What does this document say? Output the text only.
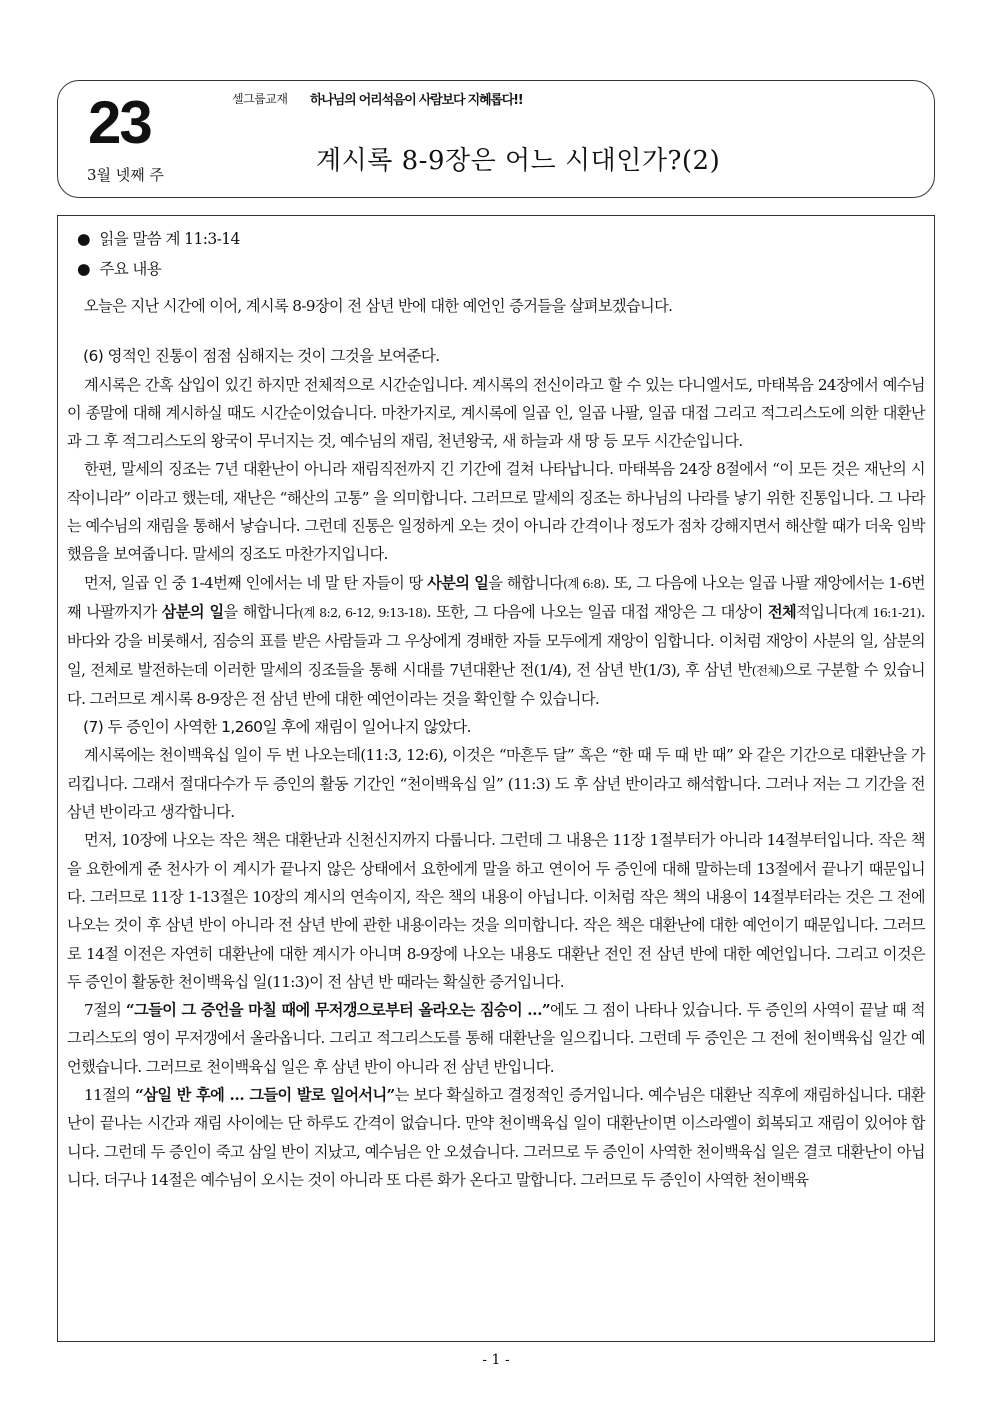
23
3월 넷째 주
셀그룹교재 하나님의 어리석음이 사람보다 지혜롭다!!
계시록 8-9장은 어느 시대인가?(2)
● 읽을 말씀 계 11:3-14
● 주요 내용
오늘은 지난 시간에 이어, 계시록 8-9장이 전 삼년 반에 대한 예언인 증거들을 살펴보겠습니다.
(6) 영적인 진통이 점점 심해지는 것이 그것을 보여준다.

계시록은 간혹 삽입이 있긴 하지만 전체적으로 시간순입니다. 계시록의 전신이라고 할 수 있는 다니엘서도, 마태복음 24장에서 예수님이 종말에 대해 계시하실 때도 시간순이었습니다. 마찬가지로, 계시록에 일곱 인, 일곱 나팔, 일곱 대접 그리고 적그리스도에 의한 대환난과 그 후 적그리스도의 왕국이 무너지는 것, 예수님의 재림, 천년왕국, 새 하늘과 새 땅 등 모두 시간순입니다.

한편, 말세의 징조는 7년 대환난이 아니라 재림직전까지 긴 기간에 걸쳐 나타납니다. 마태복음 24장 8절에서 “이 모든 것은 재난의 시작이니라” 이라고 했는데, 재난은 “해산의 고통” 을 의미합니다. 그러므로 말세의 징조는 하나님의 나라를 낳기 위한 진통입니다. 그 나라는 예수님의 재림을 통해서 낳습니다. 그런데 진통은 일정하게 오는 것이 아니라 간격이나 정도가 점차 강해지면서 해산할 때가 더욱 임박했음을 보여줍니다. 말세의 징조도 마찬가지입니다.

먼저, 일곱 인 중 1-4번째 인에서는 네 말 탄 자들이 땅 사분의 일을 해합니다(계 6:8). 또, 그 다음에 나오는 일곱 나팔 재앙에서는 1-6번째 나팔까지가 삼분의 일을 해합니다(계 8:2, 6-12, 9:13-18). 또한, 그 다음에 나오는 일곱 대접 재앙은 그 대상이 전체적입니다(계 16:1-21). 바다와 강을 비롯해서, 짐승의 표를 받은 사람들과 그 우상에게 경배한 자들 모두에게 재앙이 임합니다. 이처럼 재앙이 사분의 일, 삼분의 일, 전체로 발전하는데 이러한 말세의 징조들을 통해 시대를 7년대환난 전(1/4), 전 삼년 반(1/3), 후 삼년 반(전체)으로 구분할 수 있습니다. 그러므로 계시록 8-9장은 전 삼년 반에 대한 예언이라는 것을 확인할 수 있습니다.

(7) 두 증인이 사역한 1,260일 후에 재림이 일어나지 않았다.

계시록에는 천이백육십 일이 두 번 나오는데(11:3, 12:6), 이것은 “마흔두 달” 혹은 “한 때 두 때 반 때” 와 같은 기간으로 대환난을 가리킵니다. 그래서 절대다수가 두 증인의 활동 기간인 “천이백육십 일” (11:3) 도 후 삼년 반이라고 해석합니다. 그러나 저는 그 기간을 전 삼년 반이라고 생각합니다.

먼저, 10장에 나오는 작은 책은 대환난과 신천신지까지 다룹니다. 그런데 그 내용은 11장 1절부터가 아니라 14절부터입니다. 작은 책을 요한에게 준 천사가 이 계시가 끝나지 않은 상태에서 요한에게 말을 하고 연이어 두 증인에 대해 말하는데 13절에서 끝나기 때문입니다. 그러므로 11장 1-13절은 10장의 계시의 연속이지, 작은 책의 내용이 아닙니다. 이처럼 작은 책의 내용이 14절부터라는 것은 그 전에 나오는 것이 후 삼년 반이 아니라 전 삼년 반에 관한 내용이라는 것을 의미합니다. 작은 책은 대환난에 대한 예언이기 때문입니다. 그러므로 14절 이전은 자연히 대환난에 대한 계시가 아니며 8-9장에 나오는 내용도 대환난 전인 전 삼년 반에 대한 예언입니다. 그리고 이것은 두 증인이 활동한 천이백육십 일(11:3)이 전 삼년 반 때라는 확실한 증거입니다.

7절의 “그들이 그 증언을 마칠 때에 무저갱으로부터 올라오는 짐승이 …”에도 그 점이 나타나 있습니다. 두 증인의 사역이 끝날 때 적그리스도의 영이 무저갱에서 올라옵니다. 그리고 적그리스도를 통해 대환난을 일으킵니다. 그런데 두 증인은 그 전에 천이백육십 일간 예언했습니다. 그러므로 천이백육십 일은 후 삼년 반이 아니라 전 삼년 반입니다.

11절의 “삼일 반 후에 … 그들이 발로 일어서니”는 보다 확실하고 결정적인 증거입니다. 예수님은 대환난 직후에 재림하십니다. 대환난이 끝나는 시간과 재림 사이에는 단 하루도 간격이 없습니다. 만약 천이백육십 일이 대환난이면 이스라엘이 회복되고 재림이 있어야 합니다. 그런데 두 증인이 죽고 삼일 반이 지났고, 예수님은 안 오셨습니다. 그러므로 두 증인이 사역한 천이백육십 일은 결코 대환난이 아닙니다. 더구나 14절은 예수님이 오시는 것이 아니라 또 다른 화가 온다고 말합니다. 그러므로 두 증인이 사역한 천이백육

- 1 -
